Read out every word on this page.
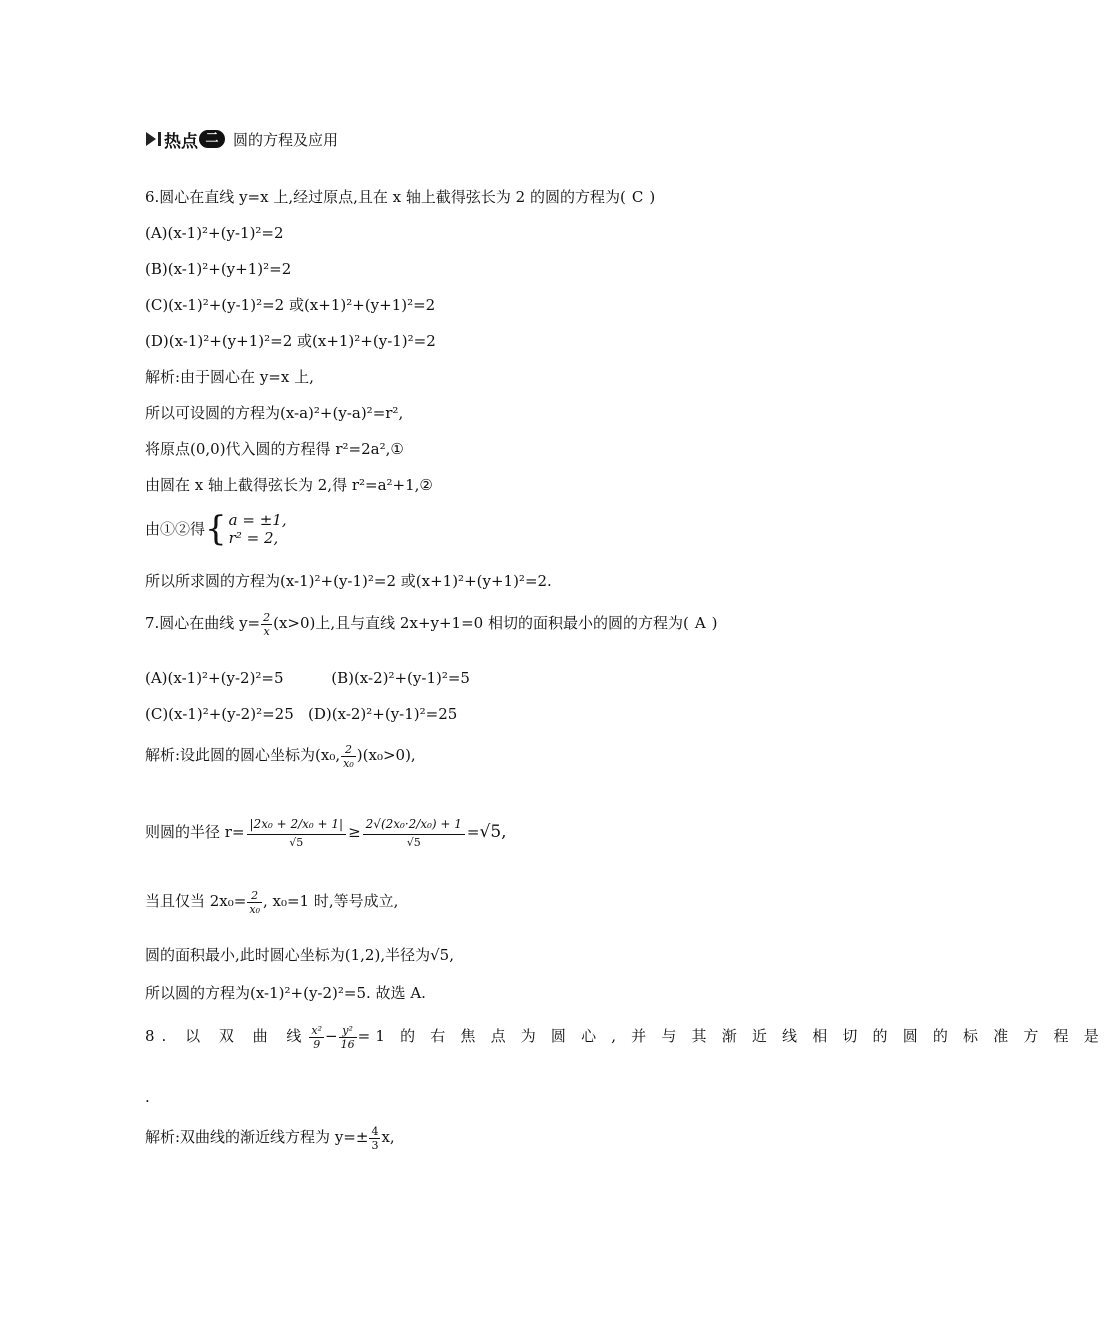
热点 二 圆的方程及应用
6.圆心在直线 y=x 上,经过原点,且在 x 轴上截得弦长为 2 的圆的方程为( C )
(A)(x-1)²+(y-1)²=2
(B)(x-1)²+(y+1)²=2
(C)(x-1)²+(y-1)²=2 或(x+1)²+(y+1)²=2
(D)(x-1)²+(y+1)²=2 或(x+1)²+(y-1)²=2
解析:由于圆心在 y=x 上,
所以可设圆的方程为(x-a)²+(y-a)²=r²,
将原点(0,0)代入圆的方程得 r²=2a²,①
由圆在 x 轴上截得弦长为 2,得 r²=a²+1,②
由①②得{ a = ±1,
r² = 2,
所以所求圆的方程为(x-1)²+(y-1)²=2 或(x+1)²+(y+1)²=2.
7.圆心在曲线 $y= \frac{2}{x} (x>0)$上,且与直线 2x+y+1=0 相切的面积最小的圆的方程为( A )
(A)(x-1)²+(y-2)²=5          (B)(x-2)²+(y-1)²=5
(C)(x-1)²+(y-2)²=25   (D)(x-2)²+(y-1)²=25
解析:设此圆的圆心坐标为(x₀, $\frac{2}{\text{x₀}} )(x_0>0)$,
则圆的半径 $r= \frac{\text{|2x₀ + 2/x₀ + 1|}}{√5} \ge \frac{\text{2√(2x₀·2/x₀) + 1}}{√5} =√5$,
当且仅当 $2x_0= \frac{2}{\text{x₀}}$ , x₀=1 时,等号成立,
圆的面积最小,此时圆心坐标为(1,2),半径为√5,
所以圆的方程为(x-1)²+(y-2)²=5. 故选 A.
8. 以 双 曲 线 $\frac{\text{x²}}{9} - \frac{\text{y²}}{16} =1$ 的 右 焦 点 为 圆 心 , 并 与 其 渐 近 线 相 切 的 圆 的 标 准 方 程 是
.
解析:双曲线的渐近线方程为 $y=\pm \frac{4}{3} x$,
